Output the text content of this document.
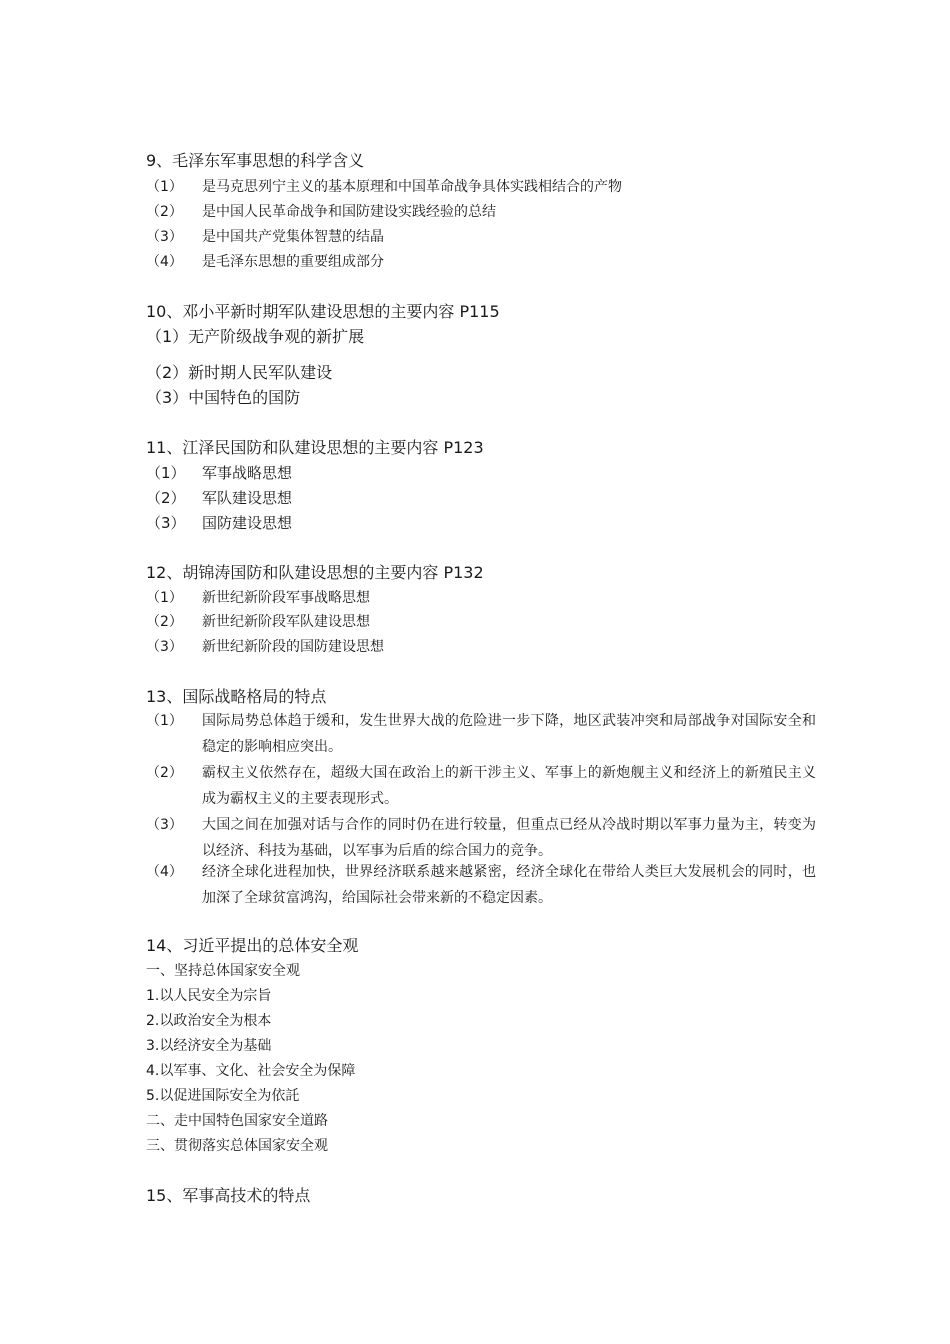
9、毛泽东军事思想的科学含义
（1） 是马克思列宁主义的基本原理和中国革命战争具体实践相结合的产物
（2） 是中国人民革命战争和国防建设实践经验的总结
（3） 是中国共产党集体智慧的结晶
（4） 是毛泽东思想的重要组成部分
10、邓小平新时期军队建设思想的主要内容 P115
（1）无产阶级战争观的新扩展
（2）新时期人民军队建设
（3）中国特色的国防
11、江泽民国防和队建设思想的主要内容 P123
（1） 军事战略思想
（2） 军队建设思想
（3） 国防建设思想
12、胡锦涛国防和队建设思想的主要内容 P132
（1） 新世纪新阶段军事战略思想
（2） 新世纪新阶段军队建设思想
（3） 新世纪新阶段的国防建设思想
13、国际战略格局的特点
（1） 国际局势总体趋于缓和，发生世界大战的危险进一步下降，地区武装冲突和局部战争对国际安全和稳定的影响相应突出。
（2） 霸权主义依然存在，超级大国在政治上的新干涉主义、军事上的新炮舰主义和经济上的新殖民主义成为霸权主义的主要表现形式。
（3） 大国之间在加强对话与合作的同时仍在进行较量，但重点已经从冷战时期以军事力量为主，转变为以经济、科技为基础，以军事为后盾的综合国力的竞争。
（4） 经济全球化进程加快，世界经济联系越来越紧密，经济全球化在带给人类巨大发展机会的同时，也加深了全球贫富鸿沟，给国际社会带来新的不稳定因素。
14、习近平提出的总体安全观
一、坚持总体国家安全观
1.以人民安全为宗旨
2.以政治安全为根本
3.以经济安全为基础
4.以军事、文化、社会安全为保障
5.以促进国际安全为依託
二、走中国特色国家安全道路
三、贯彻落实总体国家安全观
15、军事高技术的特点
